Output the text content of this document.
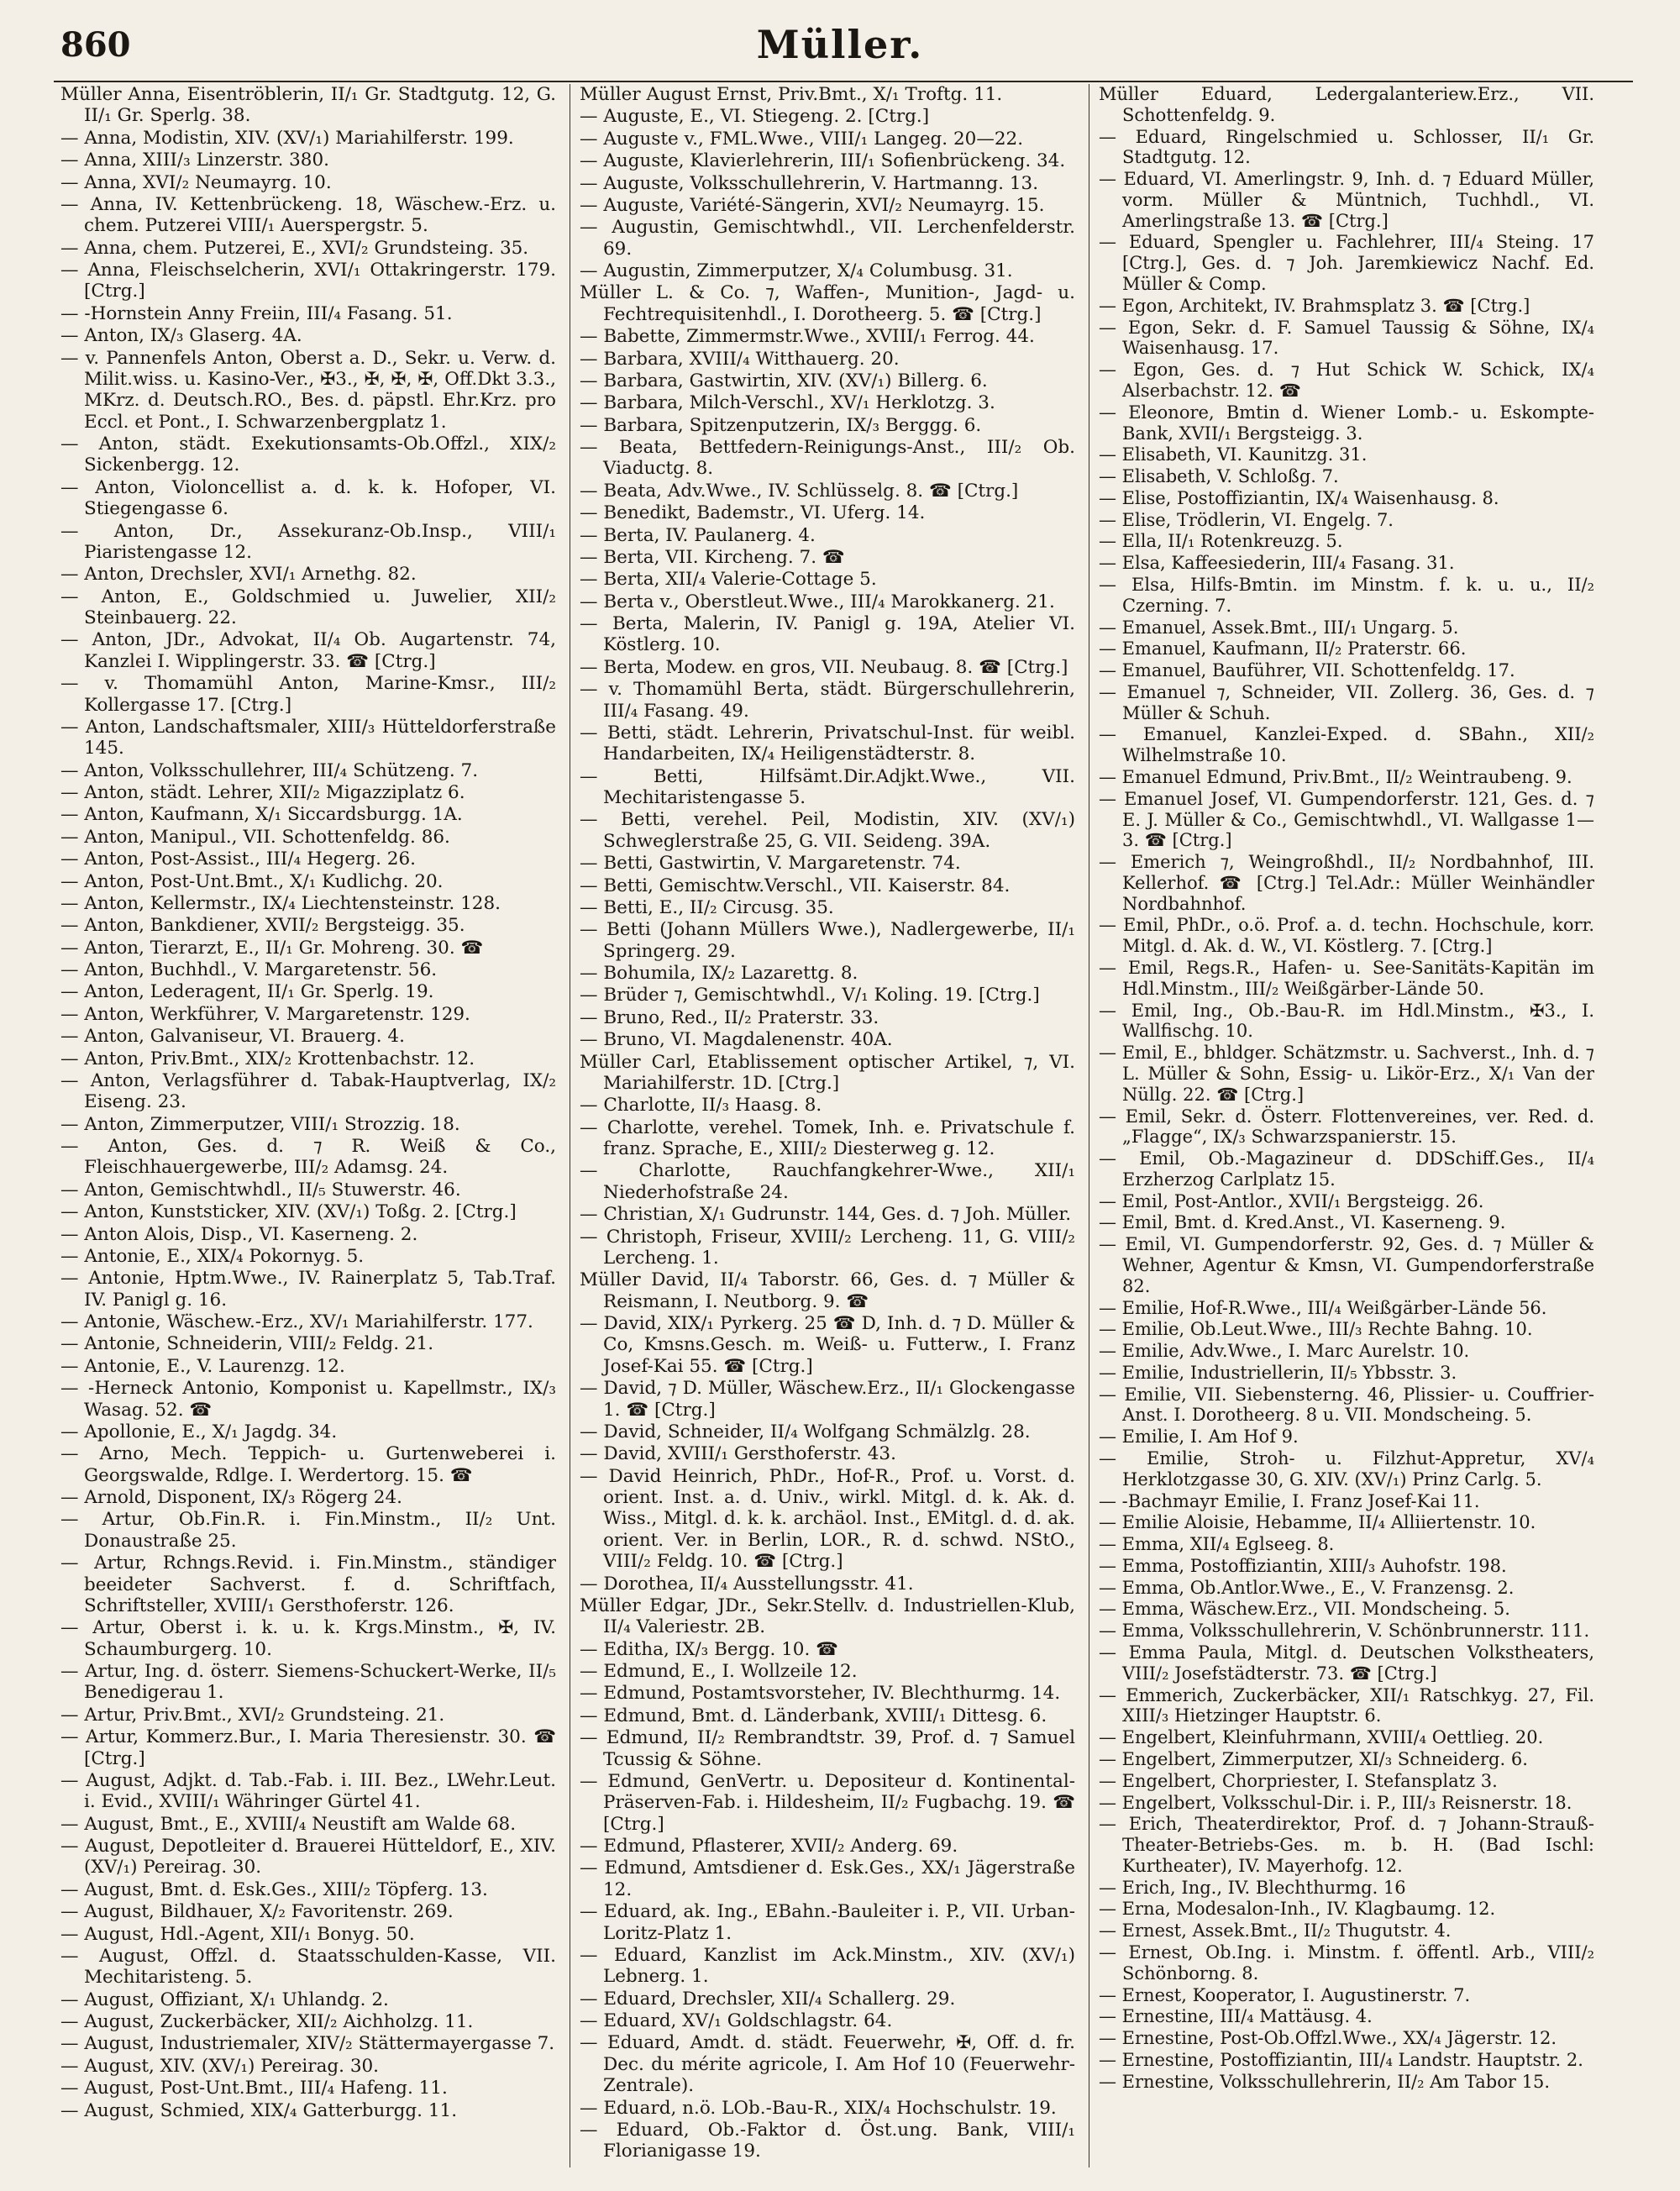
860	Müller.
Müller Anna, Eisentröblerin, II/₁ Gr. Stadtgutg. 12, G. II/₁ Gr. Sperlg. 38.
— Anna, Modistin, XIV. (XV/₁) Mariahilferstr. 199.
— Anna, XIII/₃ Linzerstr. 380.
— Anna, XVI/₂ Neumayrg. 10.
— Anna, IV. Kettenbrückeng. 18, Wäschew.-Erz. u. chem. Putzerei VIII/₁ Auerspergstr. 5.
— Anna, chem. Putzerei, E., XVI/₂ Grundsteing. 35.
— Anna, Fleischselcherin, XVI/₁ Ottakringerstr. 179. [Ctrg.]
— -Hornstein Anny Freiin, III/₄ Fasang. 51.
— Anton, IX/₃ Glaserg. 4A.
— v. Pannenfels Anton, Oberst a. D., Sekr. u. Verw. d. Milit.wiss. u. Kasino-Ver., ✠3., ✠, ✠, ✠, Off.Dkt 3.3., MKrz. d. Deutsch.RO., Bes. d. päpstl. Ehr.Krz. pro Eccl. et Pont., I. Schwarzenbergplatz 1.
— Anton, städt. Exekutionsamts-Ob.Offzl., XIX/₂ Sickenbergg. 12.
— Anton, Violoncellist a. d. k. k. Hofoper, VI. Stiegengasse 6.
— Anton, Dr., Assekuranz-Ob.Insp., VIII/₁ Piaristengasse 12.
— Anton, Drechsler, XVI/₁ Arnethg. 82.
— Anton, E., Goldschmied u. Juwelier, XII/₂ Steinbauerg. 22.
— Anton, JDr., Advokat, II/₄ Ob. Augartenstr. 74, Kanzlei I. Wipplingerstr. 33. ☎ [Ctrg.]
— v. Thomamühl Anton, Marine-Kmsr., III/₂ Kollergasse 17. [Ctrg.]
— Anton, Landschaftsmaler, XIII/₃ Hütteldorferstraße 145.
— Anton, Volksschullehrer, III/₄ Schützeng. 7.
— Anton, städt. Lehrer, XII/₂ Migazziplatz 6.
— Anton, Kaufmann, X/₁ Siccardsburgg. 1A.
— Anton, Manipul., VII. Schottenfeldg. 86.
— Anton, Post-Assist., III/₄ Hegerg. 26.
— Anton, Post-Unt.Bmt., X/₁ Kudlichg. 20.
— Anton, Kellermstr., IX/₄ Liechtensteinstr. 128.
— Anton, Bankdiener, XVII/₂ Bergsteigg. 35.
— Anton, Tierarzt, E., II/₁ Gr. Mohreng. 30. ☎
— Anton, Buchhdl., V. Margaretenstr. 56.
— Anton, Lederagent, II/₁ Gr. Sperlg. 19.
— Anton, Werkführer, V. Margaretenstr. 129.
— Anton, Galvaniseur, VI. Brauerg. 4.
— Anton, Priv.Bmt., XIX/₂ Krottenbachstr. 12.
— Anton, Verlagsführer d. Tabak-Hauptverlag, IX/₂ Eiseng. 23.
— Anton, Zimmerputzer, VIII/₁ Strozzig. 18.
— Anton, Ges. d. ⁊ R. Weiß & Co., Fleischhauergewerbe, III/₂ Adamsg. 24.
— Anton, Gemischtwhdl., II/₅ Stuwerstr. 46.
— Anton, Kunststicker, XIV. (XV/₁) Toßg. 2. [Ctrg.]
— Anton Alois, Disp., VI. Kaserneng. 2.
— Antonie, E., XIX/₄ Pokornyg. 5.
— Antonie, Hptm.Wwe., IV. Rainerplatz 5, Tab.Traf. IV. Panigl g. 16.
— Antonie, Wäschew.-Erz., XV/₁ Mariahilferstr. 177.
— Antonie, Schneiderin, VIII/₂ Feldg. 21.
— Antonie, E., V. Laurenzg. 12.
— -Herneck Antonio, Komponist u. Kapellmstr., IX/₃ Wasag. 52. ☎
— Apollonie, E., X/₁ Jagdg. 34.
— Arno, Mech. Teppich- u. Gurtenweberei i. Georgswalde, Rdlge. I. Werdertorg. 15. ☎
— Arnold, Disponent, IX/₃ Rögerg 24.
— Artur, Ob.Fin.R. i. Fin.Minstm., II/₂ Unt. Donaustraße 25.
— Artur, Rchngs.Revid. i. Fin.Minstm., ständiger beeideter Sachverst. f. d. Schriftfach, Schriftsteller, XVIII/₁ Gersthoferstr. 126.
— Artur, Oberst i. k. u. k. Krgs.Minstm., ✠, IV. Schaumburgerg. 10.
— Artur, Ing. d. österr. Siemens-Schuckert-Werke, II/₅ Benedigerau 1.
— Artur, Priv.Bmt., XVI/₂ Grundsteing. 21.
— Artur, Kommerz.Bur., I. Maria Theresienstr. 30. ☎ [Ctrg.]
— August, Adjkt. d. Tab.-Fab. i. III. Bez., LWehr.Leut. i. Evid., XVIII/₁ Währinger Gürtel 41.
— August, Bmt., E., XVIII/₄ Neustift am Walde 68.
— August, Depotleiter d. Brauerei Hütteldorf, E., XIV. (XV/₁) Pereirag. 30.
— August, Bmt. d. Esk.Ges., XIII/₂ Töpferg. 13.
— August, Bildhauer, X/₂ Favoritenstr. 269.
— August, Hdl.-Agent, XII/₁ Bonyg. 50.
— August, Offzl. d. Staatsschulden-Kasse, VII. Mechitaristeng. 5.
— August, Offiziant, X/₁ Uhlandg. 2.
— August, Zuckerbäcker, XII/₂ Aichholzg. 11.
— August, Industriemaler, XIV/₂ Stättermayergasse 7.
— August, XIV. (XV/₁) Pereirag. 30.
— August, Post-Unt.Bmt., III/₄ Hafeng. 11.
— August, Schmied, XIX/₄ Gatterburgg. 11.
Müller August Ernst, Priv.Bmt., X/₁ Troftg. 11.
— Auguste, E., VI. Stiegeng. 2. [Ctrg.]
— Auguste v., FML.Wwe., VIII/₁ Langeg. 20—22.
— Auguste, Klavierlehrerin, III/₁ Sofienbrückeng. 34.
— Auguste, Volksschullehrerin, V. Hartmanng. 13.
— Auguste, Variété-Sängerin, XVI/₂ Neumayrg. 15.
— Augustin, Gemischtwhdl., VII. Lerchenfelderstr. 69.
— Augustin, Zimmerputzer, X/₄ Columbusg. 31.
Müller L. & Co. ⁊, Waffen-, Munition-, Jagd- u. Fechtrequisitenhdl., I. Dorotheerg. 5. ☎ [Ctrg.]
— Babette, Zimmermstr.Wwe., XVIII/₁ Ferrog. 44.
— Barbara, XVIII/₄ Witthauerg. 20.
— Barbara, Gastwirtin, XIV. (XV/₁) Billerg. 6.
— Barbara, Milch-Verschl., XV/₁ Herklotzg. 3.
— Barbara, Spitzenputzerin, IX/₃ Berggg. 6.
— Beata, Bettfedern-Reinigungs-Anst., III/₂ Ob. Viaductg. 8.
— Beata, Adv.Wwe., IV. Schlüsselg. 8. ☎ [Ctrg.]
— Benedikt, Bademstr., VI. Uferg. 14.
— Berta, IV. Paulanerg. 4.
— Berta, VII. Kircheng. 7. ☎
— Berta, XII/₄ Valerie-Cottage 5.
— Berta v., Oberstleut.Wwe., III/₄ Marokkanerg. 21.
— Berta, Malerin, IV. Panigl g. 19A, Atelier VI. Köstlerg. 10.
— Berta, Modew. en gros, VII. Neubaug. 8. ☎ [Ctrg.]
— v. Thomamühl Berta, städt. Bürgerschullehrerin, III/₄ Fasang. 49.
— Betti, städt. Lehrerin, Privatschul-Inst. für weibl. Handarbeiten, IX/₄ Heiligenstädterstr. 8.
— Betti, Hilfsämt.Dir.Adjkt.Wwe., VII. Mechitaristengasse 5.
— Betti, verehel. Peil, Modistin, XIV. (XV/₁) Schweglerstraße 25, G. VII. Seideng. 39A.
— Betti, Gastwirtin, V. Margaretenstr. 74.
— Betti, Gemischtw.Verschl., VII. Kaiserstr. 84.
— Betti, E., II/₂ Circusg. 35.
— Betti (Johann Müllers Wwe.), Nadlergewerbe, II/₁ Springerg. 29.
— Bohumila, IX/₂ Lazarettg. 8.
— Brüder ⁊, Gemischtwhdl., V/₁ Koling. 19. [Ctrg.]
— Bruno, Red., II/₂ Praterstr. 33.
— Bruno, VI. Magdalenenstr. 40A.
Müller Carl, Etablissement optischer Artikel, ⁊, VI. Mariahilferstr. 1D. [Ctrg.]
— Charlotte, II/₃ Haasg. 8.
— Charlotte, verehel. Tomek, Inh. e. Privatschule f. franz. Sprache, E., XIII/₂ Diesterweg g. 12.
— Charlotte, Rauchfangkehrer-Wwe., XII/₁ Niederhofstraße 24.
— Christian, X/₁ Gudrunstr. 144, Ges. d. ⁊ Joh. Müller.
— Christoph, Friseur, XVIII/₂ Lercheng. 11, G. VIII/₂ Lercheng. 1.
Müller David, II/₄ Taborstr. 66, Ges. d. ⁊ Müller & Reismann, I. Neutborg. 9. ☎
— David, XIX/₁ Pyrkerg. 25 ☎ D, Inh. d. ⁊ D. Müller & Co, Kmsns.Gesch. m. Weiß- u. Futterw., I. Franz Josef-Kai 55. ☎ [Ctrg.]
— David, ⁊ D. Müller, Wäschew.Erz., II/₁ Glockengasse 1. ☎ [Ctrg.]
— David, Schneider, II/₄ Wolfgang Schmälzlg. 28.
— David, XVIII/₁ Gersthoferstr. 43.
— David Heinrich, PhDr., Hof-R., Prof. u. Vorst. d. orient. Inst. a. d. Univ., wirkl. Mitgl. d. k. Ak. d. Wiss., Mitgl. d. k. k. archäol. Inst., EMitgl. d. d. ak. orient. Ver. in Berlin, LOR., R. d. schwd. NStO., VIII/₂ Feldg. 10. ☎ [Ctrg.]
— Dorothea, II/₄ Ausstellungsstr. 41.
Müller Edgar, JDr., Sekr.Stellv. d. Industriellen-Klub, II/₄ Valeriestr. 2B.
— Editha, IX/₃ Bergg. 10. ☎
— Edmund, E., I. Wollzeile 12.
— Edmund, Postamtsvorsteher, IV. Blechthurmg. 14.
— Edmund, Bmt. d. Länderbank, XVIII/₁ Dittesg. 6.
— Edmund, II/₂ Rembrandtstr. 39, Prof. d. ⁊ Samuel Tcussig & Söhne.
— Edmund, GenVertr. u. Depositeur d. Kontinental-Präserven-Fab. i. Hildesheim, II/₂ Fugbachg. 19. ☎ [Ctrg.]
— Edmund, Pflasterer, XVII/₂ Anderg. 69.
— Edmund, Amtsdiener d. Esk.Ges., XX/₁ Jägerstraße 12.
— Eduard, ak. Ing., EBahn.-Bauleiter i. P., VII. Urban-Loritz-Platz 1.
— Eduard, Kanzlist im Ack.Minstm., XIV. (XV/₁) Lebnerg. 1.
— Eduard, Drechsler, XII/₄ Schallerg. 29.
— Eduard, XV/₁ Goldschlagstr. 64.
— Eduard, Amdt. d. städt. Feuerwehr, ✠, Off. d. fr. Dec. du mérite agricole, I. Am Hof 10 (Feuerwehr-Zentrale).
— Eduard, n.ö. LOb.-Bau-R., XIX/₄ Hochschulstr. 19.
— Eduard, Ob.-Faktor d. Öst.ung. Bank, VIII/₁ Florianigasse 19.
Müller Eduard, Ledergalanteriew.Erz., VII. Schottenfeldg. 9.
— Eduard, Ringelschmied u. Schlosser, II/₁ Gr. Stadtgutg. 12.
— Eduard, VI. Amerlingstr. 9, Inh. d. ⁊ Eduard Müller, vorm. Müller & Müntnich, Tuchhdl., VI. Amerlingstraße 13. ☎ [Ctrg.]
— Eduard, Spengler u. Fachlehrer, III/₄ Steing. 17 [Ctrg.], Ges. d. ⁊ Joh. Jaremkiewicz Nachf. Ed. Müller & Comp.
— Egon, Architekt, IV. Brahmsplatz 3. ☎ [Ctrg.]
— Egon, Sekr. d. F. Samuel Taussig & Söhne, IX/₄ Waisenhausg. 17.
— Egon, Ges. d. ⁊ Hut Schick W. Schick, IX/₄ Alserbachstr. 12. ☎
— Eleonore, Bmtin d. Wiener Lomb.- u. Eskompte-Bank, XVII/₁ Bergsteigg. 3.
— Elisabeth, VI. Kaunitzg. 31.
— Elisabeth, V. Schloßg. 7.
— Elise, Postoffiziantin, IX/₄ Waisenhausg. 8.
— Elise, Trödlerin, VI. Engelg. 7.
— Ella, II/₁ Rotenkreuzg. 5.
— Elsa, Kaffeesiederin, III/₄ Fasang. 31.
— Elsa, Hilfs-Bmtin. im Minstm. f. k. u. u., II/₂ Czerning. 7.
— Emanuel, Assek.Bmt., III/₁ Ungarg. 5.
— Emanuel, Kaufmann, II/₂ Praterstr. 66.
— Emanuel, Bauführer, VII. Schottenfeldg. 17.
— Emanuel ⁊, Schneider, VII. Zollerg. 36, Ges. d. ⁊ Müller & Schuh.
— Emanuel, Kanzlei-Exped. d. SBahn., XII/₂ Wilhelmstraße 10.
— Emanuel Edmund, Priv.Bmt., II/₂ Weintraubeng. 9.
— Emanuel Josef, VI. Gumpendorferstr. 121, Ges. d. ⁊ E. J. Müller & Co., Gemischtwhdl., VI. Wallgasse 1—3. ☎ [Ctrg.]
— Emerich ⁊, Weingroßhdl., II/₂ Nordbahnhof, III. Kellerhof. ☎ [Ctrg.] Tel.Adr.: Müller Weinhändler Nordbahnhof.
— Emil, PhDr., o.ö. Prof. a. d. techn. Hochschule, korr. Mitgl. d. Ak. d. W., VI. Köstlerg. 7. [Ctrg.]
— Emil, Regs.R., Hafen- u. See-Sanitäts-Kapitän im Hdl.Minstm., III/₂ Weißgärber-Lände 50.
— Emil, Ing., Ob.-Bau-R. im Hdl.Minstm., ✠3., I. Wallfischg. 10.
— Emil, E., bhldger. Schätzmstr. u. Sachverst., Inh. d. ⁊ L. Müller & Sohn, Essig- u. Likör-Erz., X/₁ Van der Nüllg. 22. ☎ [Ctrg.]
— Emil, Sekr. d. Österr. Flottenvereines, ver. Red. d. „Flagge“, IX/₃ Schwarzspanierstr. 15.
— Emil, Ob.-Magazineur d. DDSchiff.Ges., II/₄ Erzherzog Carlplatz 15.
— Emil, Post-Antlor., XVII/₁ Bergsteigg. 26.
— Emil, Bmt. d. Kred.Anst., VI. Kaserneng. 9.
— Emil, VI. Gumpendorferstr. 92, Ges. d. ⁊ Müller & Wehner, Agentur & Kmsn, VI. Gumpendorferstraße 82.
— Emilie, Hof-R.Wwe., III/₄ Weißgärber-Lände 56.
— Emilie, Ob.Leut.Wwe., III/₃ Rechte Bahng. 10.
— Emilie, Adv.Wwe., I. Marc Aurelstr. 10.
— Emilie, Industriellerin, II/₅ Ybbsstr. 3.
— Emilie, VII. Siebensterng. 46, Plissier- u. Couffrier-Anst. I. Dorotheerg. 8 u. VII. Mondscheing. 5.
— Emilie, I. Am Hof 9.
— Emilie, Stroh- u. Filzhut-Appretur, XV/₄ Herklotzgasse 30, G. XIV. (XV/₁) Prinz Carlg. 5.
— -Bachmayr Emilie, I. Franz Josef-Kai 11.
— Emilie Aloisie, Hebamme, II/₄ Alliiertenstr. 10.
— Emma, XII/₄ Eglseeg. 8.
— Emma, Postoffiziantin, XIII/₃ Auhofstr. 198.
— Emma, Ob.Antlor.Wwe., E., V. Franzensg. 2.
— Emma, Wäschew.Erz., VII. Mondscheing. 5.
— Emma, Volksschullehrerin, V. Schönbrunnerstr. 111.
— Emma Paula, Mitgl. d. Deutschen Volkstheaters, VIII/₂ Josefstädterstr. 73. ☎ [Ctrg.]
— Emmerich, Zuckerbäcker, XII/₁ Ratschkyg. 27, Fil. XIII/₃ Hietzinger Hauptstr. 6.
— Engelbert, Kleinfuhrmann, XVIII/₄ Oettlieg. 20.
— Engelbert, Zimmerputzer, XI/₃ Schneiderg. 6.
— Engelbert, Chorpriester, I. Stefansplatz 3.
— Engelbert, Volksschul-Dir. i. P., III/₃ Reisnerstr. 18.
— Erich, Theaterdirektor, Prof. d. ⁊ Johann-Strauß-Theater-Betriebs-Ges. m. b. H. (Bad Ischl: Kurtheater), IV. Mayerhofg. 12.
— Erich, Ing., IV. Blechthurmg. 16
— Erna, Modesalon-Inh., IV. Klagbaumg. 12.
— Ernest, Assek.Bmt., II/₂ Thugutstr. 4.
— Ernest, Ob.Ing. i. Minstm. f. öffentl. Arb., VIII/₂ Schönborng. 8.
— Ernest, Kooperator, I. Augustinerstr. 7.
— Ernestine, III/₄ Mattäusg. 4.
— Ernestine, Post-Ob.Offzl.Wwe., XX/₄ Jägerstr. 12.
— Ernestine, Postoffiziantin, III/₄ Landstr. Hauptstr. 2.
— Ernestine, Volksschullehrerin, II/₂ Am Tabor 15.
